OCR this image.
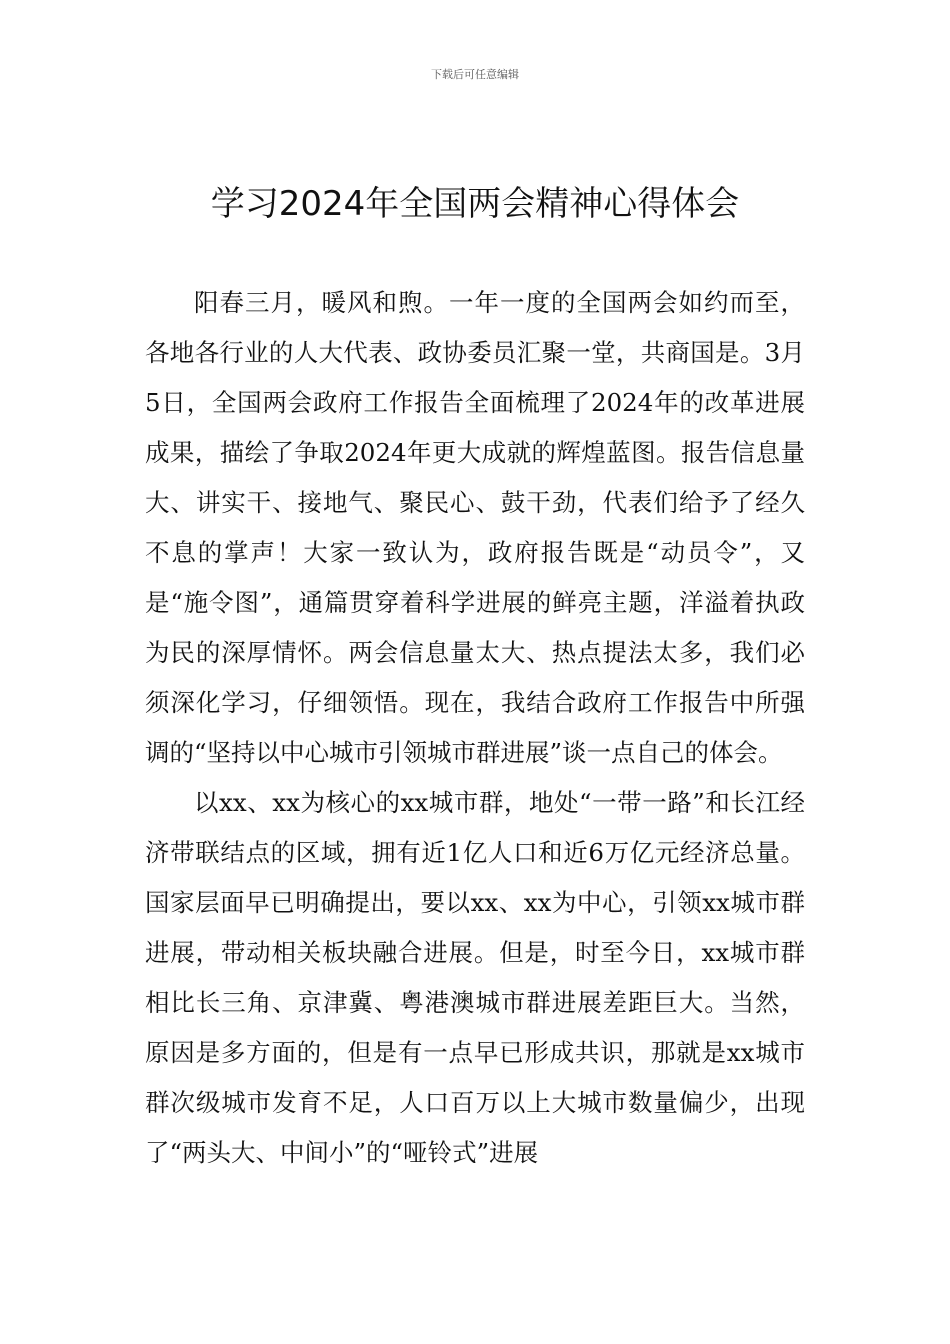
下载后可任意编辑
学习2024年全国两会精神心得体会

阳春三月，暖风和煦。一年一度的全国两会如约而至，各地各行业的人大代表、政协委员汇聚一堂，共商国是。3月5日，全国两会政府工作报告全面梳理了2024年的改革进展成果，描绘了争取2024年更大成就的辉煌蓝图。报告信息量大、讲实干、接地气、聚民心、鼓干劲，代表们给予了经久不息的掌声！大家一致认为，政府报告既是“动员令”，又是“施令图”，通篇贯穿着科学进展的鲜亮主题，洋溢着执政为民的深厚情怀。两会信息量太大、热点提法太多，我们必须深化学习，仔细领悟。现在，我结合政府工作报告中所强调的“坚持以中心城市引领城市群进展”谈一点自己的体会。

以xx、xx为核心的xx城市群，地处“一带一路”和长江经济带联结点的区域，拥有近1亿人口和近6万亿元经济总量。国家层面早已明确提出，要以xx、xx为中心，引领xx城市群进展，带动相关板块融合进展。但是，时至今日，xx城市群相比长三角、京津冀、粤港澳城市群进展差距巨大。当然，原因是多方面的，但是有一点早已形成共识，那就是xx城市群次级城市发育不足，人口百万以上大城市数量偏少，出现了“两头大、中间小”的“哑铃式”进展
